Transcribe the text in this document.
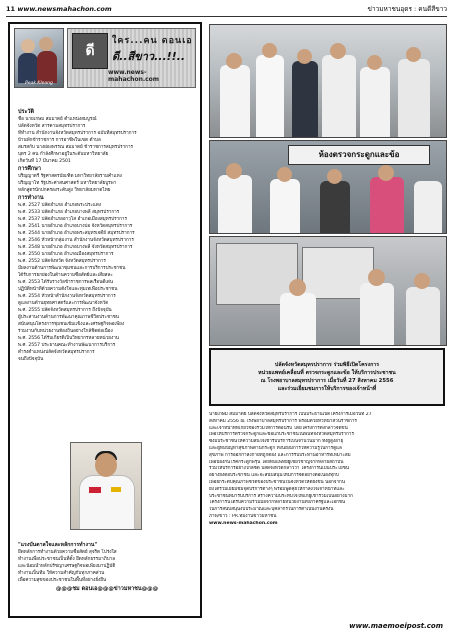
11 www.newsmahachon.com	ข่าวมหาชนอุดร : คนดีสีขาว
Peak Kleang
ดี
ใคร...คน ดอนเอ
ดี..สีขาว...!!..
www.news-mahachon.com
ประวัติ
ชื่อ นายเกษม สมมาตย์ ตำแหน่งสมบูรณ์
ปลัดจังหวัด สารคามสมุทรปราการ
ที่ทำงาน สำนักงานจังหวัดสมุทรปราการ ฉบับที่สมุทรปราการ
บ้านพักข้าราชการ การอาชีพในเขต ตำบล
สมรสกับ นางผ่องพรรณ สมมาตย์ ข้าราชการสมุทรปราการ
บุตร 2 คน กำลังศึกษาอยู่ในระดับมหาวิทยาลัย
เกิดวันที่ 17 มีนาคม 2501
การศึกษา
ปริญญาตรี รัฐศาสตรบัณฑิต มหาวิทยาลัยรามคำแหง
ปริญญาโท รัฐประศาสนศาสตร์ มหาวิทยาลัยบูรพา
หลักสูตรนักปกครองระดับสูง วิทยาลัยมหาดไทย
การทำงาน
พ.ศ. 2527 ปลัดอำเภอ อำเภอพระประแดง
พ.ศ. 2533 ปลัดอำเภอ อำเภอบางพลี สมุทรปราการ
พ.ศ. 2537 ปลัดอำเภออาวุโส อำเภอเมืองสมุทรปราการ
พ.ศ. 2541 นายอำเภอ อำเภอบางบ่อ จังหวัดสมุทรปราการ
พ.ศ. 2544 นายอำเภอ อำเภอพระสมุทรเจดีย์ สมุทรปราการ
พ.ศ. 2546 หัวหน้ากลุ่มงาน สำนักงานจังหวัดสมุทรปราการ
พ.ศ. 2548 นายอำเภอ อำเภอบางพลี จังหวัดสมุทรปราการ
พ.ศ. 2550 นายอำเภอ อำเภอเมืองสมุทรปราการ
พ.ศ. 2552 ปลัดจังหวัด จังหวัดสมุทรปราการ
มีผลงานด้านการพัฒนาชุมชนและการบริการประชาชน
ได้รับการยกย่องในด้านความซื่อสัตย์และเสียสละ
พ.ศ. 2553 ได้รับรางวัลข้าราชการพลเรือนดีเด่น
ปฏิบัติหน้าที่ด้วยความตั้งใจและทุ่มเทเพื่อประชาชน
พ.ศ. 2554 หัวหน้าสำนักงานจังหวัดสมุทรปราการ
ดูแลงานด้านยุทธศาสตร์และการพัฒนาจังหวัด
พ.ศ. 2555 ปลัดจังหวัดสมุทรปราการ ถึงปัจจุบัน
ผู้ประสานงานด้านการพัฒนาคุณภาพชีวิตประชาชน
สนับสนุนโครงการชุมชนเข้มแข็งและเศรษฐกิจพอเพียง
ร่วมงานกับหน่วยงานท้องถิ่นอย่างใกล้ชิดต่อเนื่อง
พ.ศ. 2556 ได้รับเกียรติเป็นวิทยากรหลายหน่วยงาน
พ.ศ. 2557 ประธานคณะทำงานพัฒนาการบริการ
ดำรงตำแหน่งปลัดจังหวัดสมุทรปราการ
จนถึงปัจจุบัน
"แรงบันดาลใจและหลักการทำงาน"
ยึดหลักการทำงานด้วยความซื่อสัตย์ สุจริต โปร่งใส
ทำงานเพื่อประชาชนเป็นที่ตั้ง ยึดหลักธรรมาภิบาล
และน้อมนำหลักปรัชญาเศรษฐกิจพอเพียงมาปฏิบัติ
ทำงานเป็นทีม ให้ความสำคัญกับทุกภาคส่วน
เพื่อความสุขของประชาชนในพื้นที่อย่างยั่งยืน
@@@ชม ดอนเอ@@@ข่าวมหาชน@@@
ห้องตรวจกระดูกและข้อ
ปลัดจังหวัดสมุทรปราการ ร่วมพิธีเปิดโครงการ
หน่วยแพทย์เคลื่อนที่ ตรวจกระดูกและข้อ ให้บริการประชาชน
ณ โรงพยาบาลสมุทรปราการ เมื่อวันที่ 27 สิงหาคม 2556
และร่วมเยี่ยมชมการให้บริการของเจ้าหน้าที่
นายเกษม สมมาตย์ ปลัดจังหวัดสมุทรปราการ เป็นประธานเปิดโครงการเมื่อวันที่ 27
สิงหาคม 2556 ณ โรงพยาบาลสมุทรปราการ พร้อมด้วยหัวหน้าส่วนราชการ
และเจ้าหน้าที่ที่เกี่ยวข้องร่วมให้การต้อนรับ โดยโครงการดังกล่าวจัดขึ้น
เพื่อให้บริการตรวจกระดูกและข้อแก่ประชาชนในพื้นที่จังหวัดสมุทรปราการ
ซึ่งมีประชาชนให้ความสนใจเข้ารับบริการเป็นจำนวนมาก ทั้งผู้สูงอายุ
และผู้ที่มีปัญหาสุขภาพด้านกระดูก ทั้งนี้ยังมีการให้ความรู้ในการดูแล
สุขภาพ การออกกำลังกายที่ถูกต้อง และการรับประทานอาหารที่เหมาะสม
เพื่อป้องกันโรคกระดูกพรุน โดยทีมแพทย์ผู้เชี่ยวชาญจากหลายสถาบัน
ร่วมให้บริการอย่างใกล้ชิด ปลัดจังหวัดกล่าวว่า โครงการนี้เป็นประโยชน์
อย่างยิ่งต่อประชาชน และจะสนับสนุนให้มีการจัดอย่างต่อเนื่องทุกปี
เพื่อยกระดับคุณภาพชีวิตของประชาชนในจังหวัดให้ดียิ่งขึ้น นอกจากนี้
ยังได้ร่วมเยี่ยมชมจุดบริการต่างๆ พร้อมพูดคุยให้กำลังใจเจ้าหน้าที่และ
ประชาชนที่มารับบริการ สร้างความประทับใจให้แก่ผู้เข้าร่วมเป็นอย่างมาก
โครงการนี้ได้รับความร่วมมือจากหลายหน่วยงานทั้งภาครัฐและเอกชน
ในการสนับสนุนงบประมาณและบุคลากรในการดำเนินงานครั้งนี้
ภาพ/ข่าว : PR.ทีมงานข่าวมหาชน
www.news-mahachon.com
www.maemoeipost.com
